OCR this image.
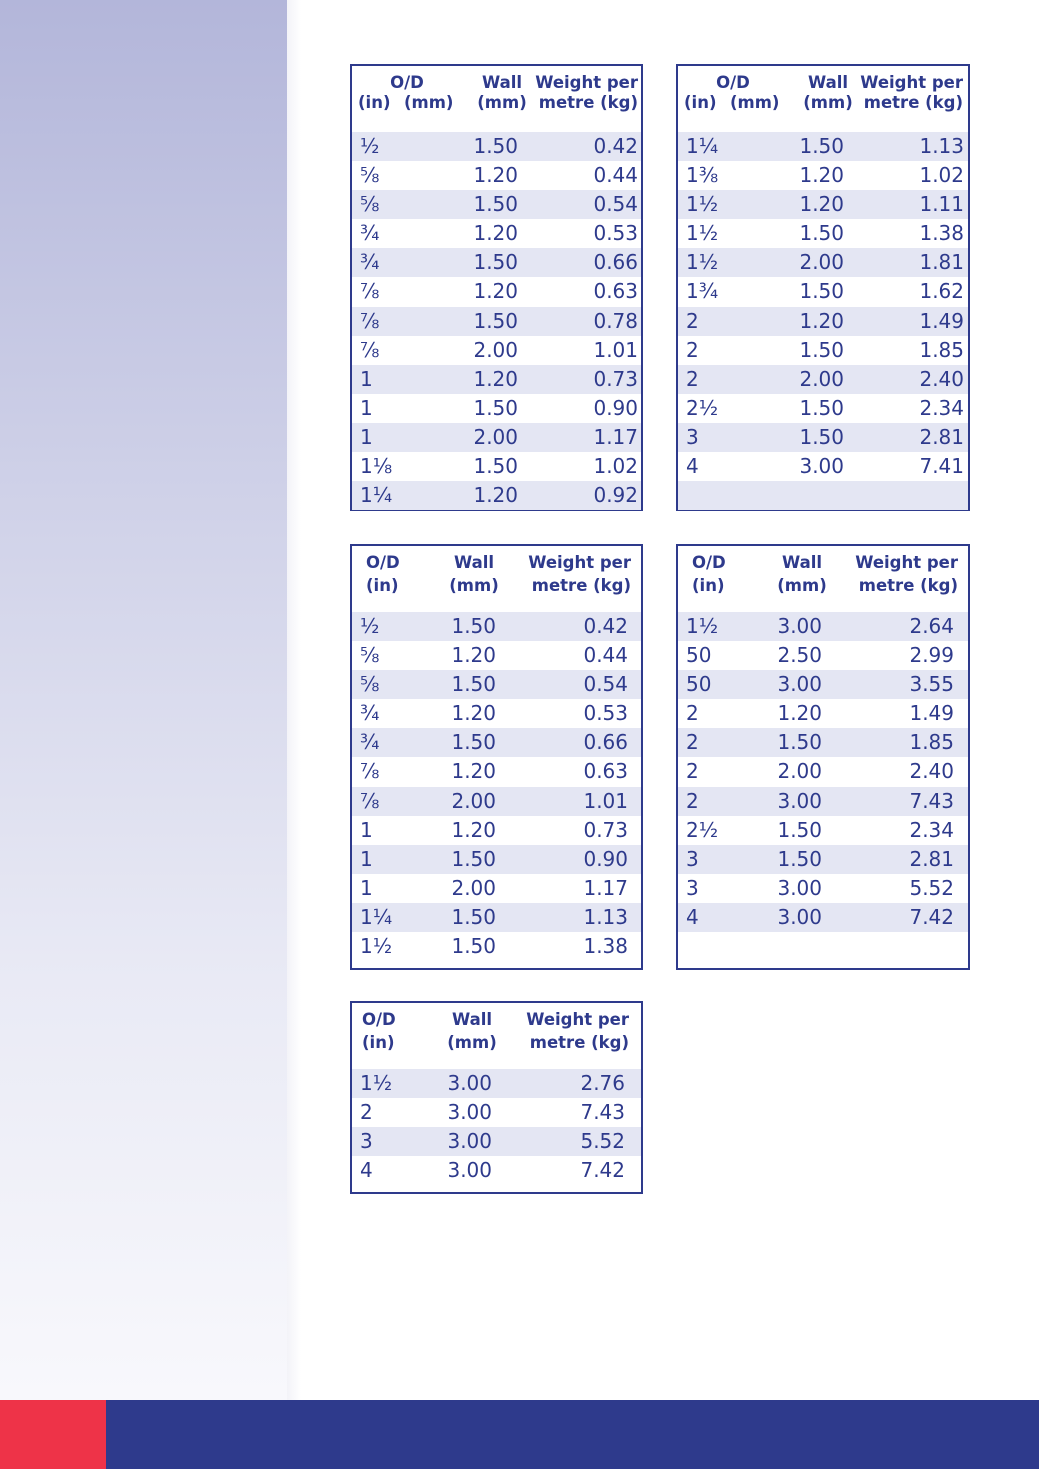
O/D
(in) (mm)
Wall
(mm)
Weight per
metre (kg)
½	1.50	0.42
⅝	1.20	0.44
⅝	1.50	0.54
¾	1.20	0.53
¾	1.50	0.66
⅞	1.20	0.63
⅞	1.50	0.78
⅞	2.00	1.01
1	1.20	0.73
1	1.50	0.90
1	2.00	1.17
1⅛	1.50	1.02
1¼	1.20	0.92
O/D
(in) (mm)
Wall
(mm)
Weight per
metre (kg)
1¼	1.50	1.13
1⅜	1.20	1.02
1½	1.20	1.11
1½	1.50	1.38
1½	2.00	1.81
1¾	1.50	1.62
2	1.20	1.49
2	1.50	1.85
2	2.00	2.40
2½	1.50	2.34
3	1.50	2.81
4	3.00	7.41
O/D
(in)
Wall
(mm)
Weight per
metre (kg)
½	1.50	0.42
⅝	1.20	0.44
⅝	1.50	0.54
¾	1.20	0.53
¾	1.50	0.66
⅞	1.20	0.63
⅞	2.00	1.01
1	1.20	0.73
1	1.50	0.90
1	2.00	1.17
1¼	1.50	1.13
1½	1.50	1.38
O/D
(in)
Wall
(mm)
Weight per
metre (kg)
1½	3.00	2.64
50	2.50	2.99
50	3.00	3.55
2	1.20	1.49
2	1.50	1.85
2	2.00	2.40
2	3.00	7.43
2½	1.50	2.34
3	1.50	2.81
3	3.00	5.52
4	3.00	7.42
O/D
(in)
Wall
(mm)
Weight per
metre (kg)
1½	3.00	2.76
2	3.00	7.43
3	3.00	5.52
4	3.00	7.42
